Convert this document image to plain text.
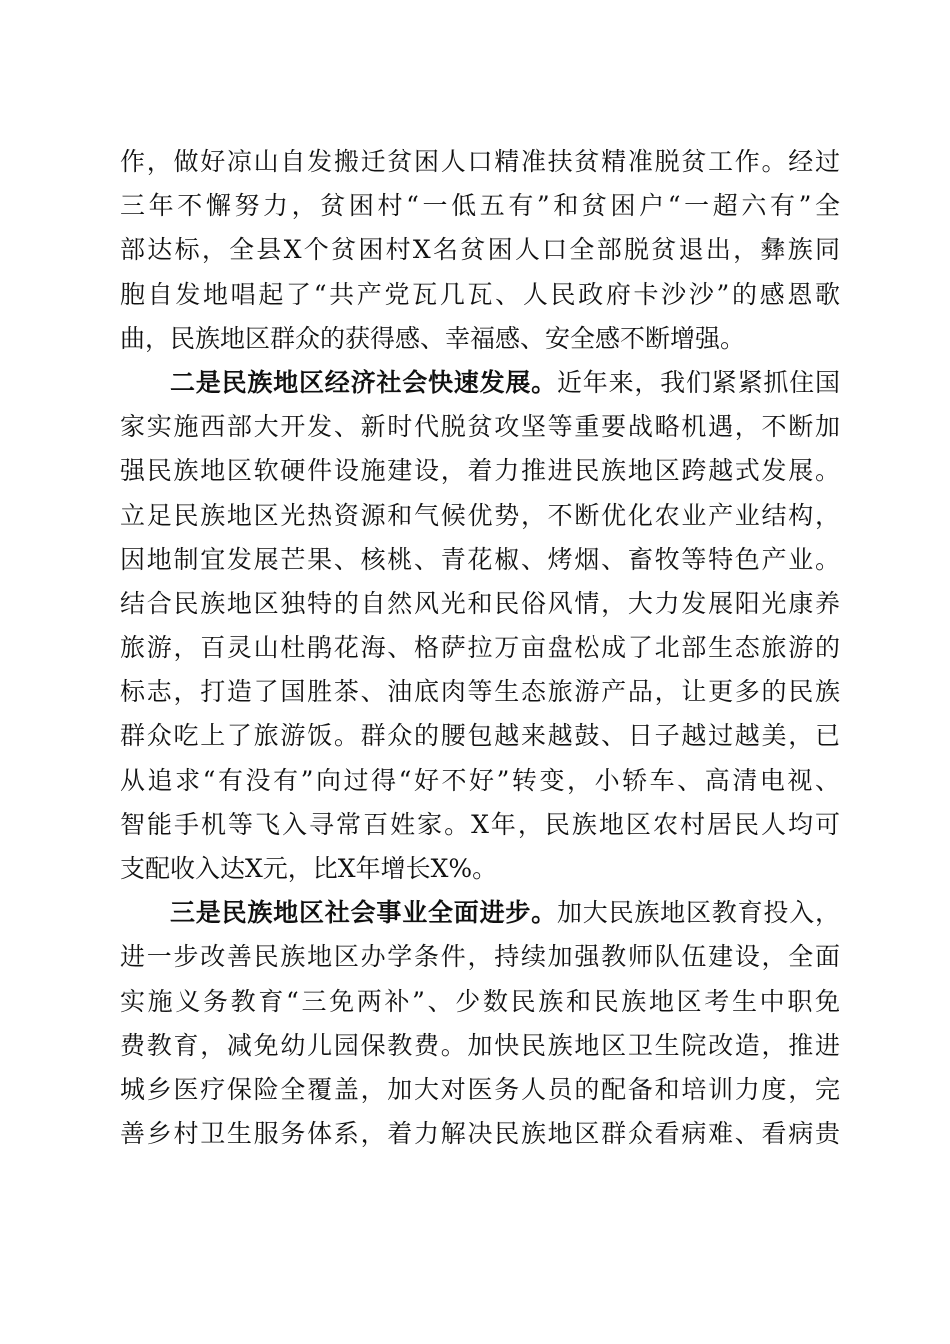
作，做好凉山自发搬迁贫困人口精准扶贫精准脱贫工作。经过
三年不懈努力，贫困村“一低五有”和贫困户“一超六有”全
部达标，全县X个贫困村X名贫困人口全部脱贫退出，彝族同
胞自发地唱起了“共产党瓦几瓦、人民政府卡沙沙”的感恩歌
曲，民族地区群众的获得感、幸福感、安全感不断增强。
二是民族地区经济社会快速发展。近年来，我们紧紧抓住国
家实施西部大开发、新时代脱贫攻坚等重要战略机遇，不断加
强民族地区软硬件设施建设，着力推进民族地区跨越式发展。
立足民族地区光热资源和气候优势，不断优化农业产业结构，
因地制宜发展芒果、核桃、青花椒、烤烟、畜牧等特色产业。
结合民族地区独特的自然风光和民俗风情，大力发展阳光康养
旅游，百灵山杜鹃花海、格萨拉万亩盘松成了北部生态旅游的
标志，打造了国胜茶、油底肉等生态旅游产品，让更多的民族
群众吃上了旅游饭。群众的腰包越来越鼓、日子越过越美，已
从追求“有没有”向过得“好不好”转变，小轿车、高清电视、
智能手机等飞入寻常百姓家。X年，民族地区农村居民人均可
支配收入达X元，比X年增长X%。
三是民族地区社会事业全面进步。加大民族地区教育投入，
进一步改善民族地区办学条件，持续加强教师队伍建设，全面
实施义务教育“三免两补”、少数民族和民族地区考生中职免
费教育，减免幼儿园保教费。加快民族地区卫生院改造，推进
城乡医疗保险全覆盖，加大对医务人员的配备和培训力度，完
善乡村卫生服务体系，着力解决民族地区群众看病难、看病贵
